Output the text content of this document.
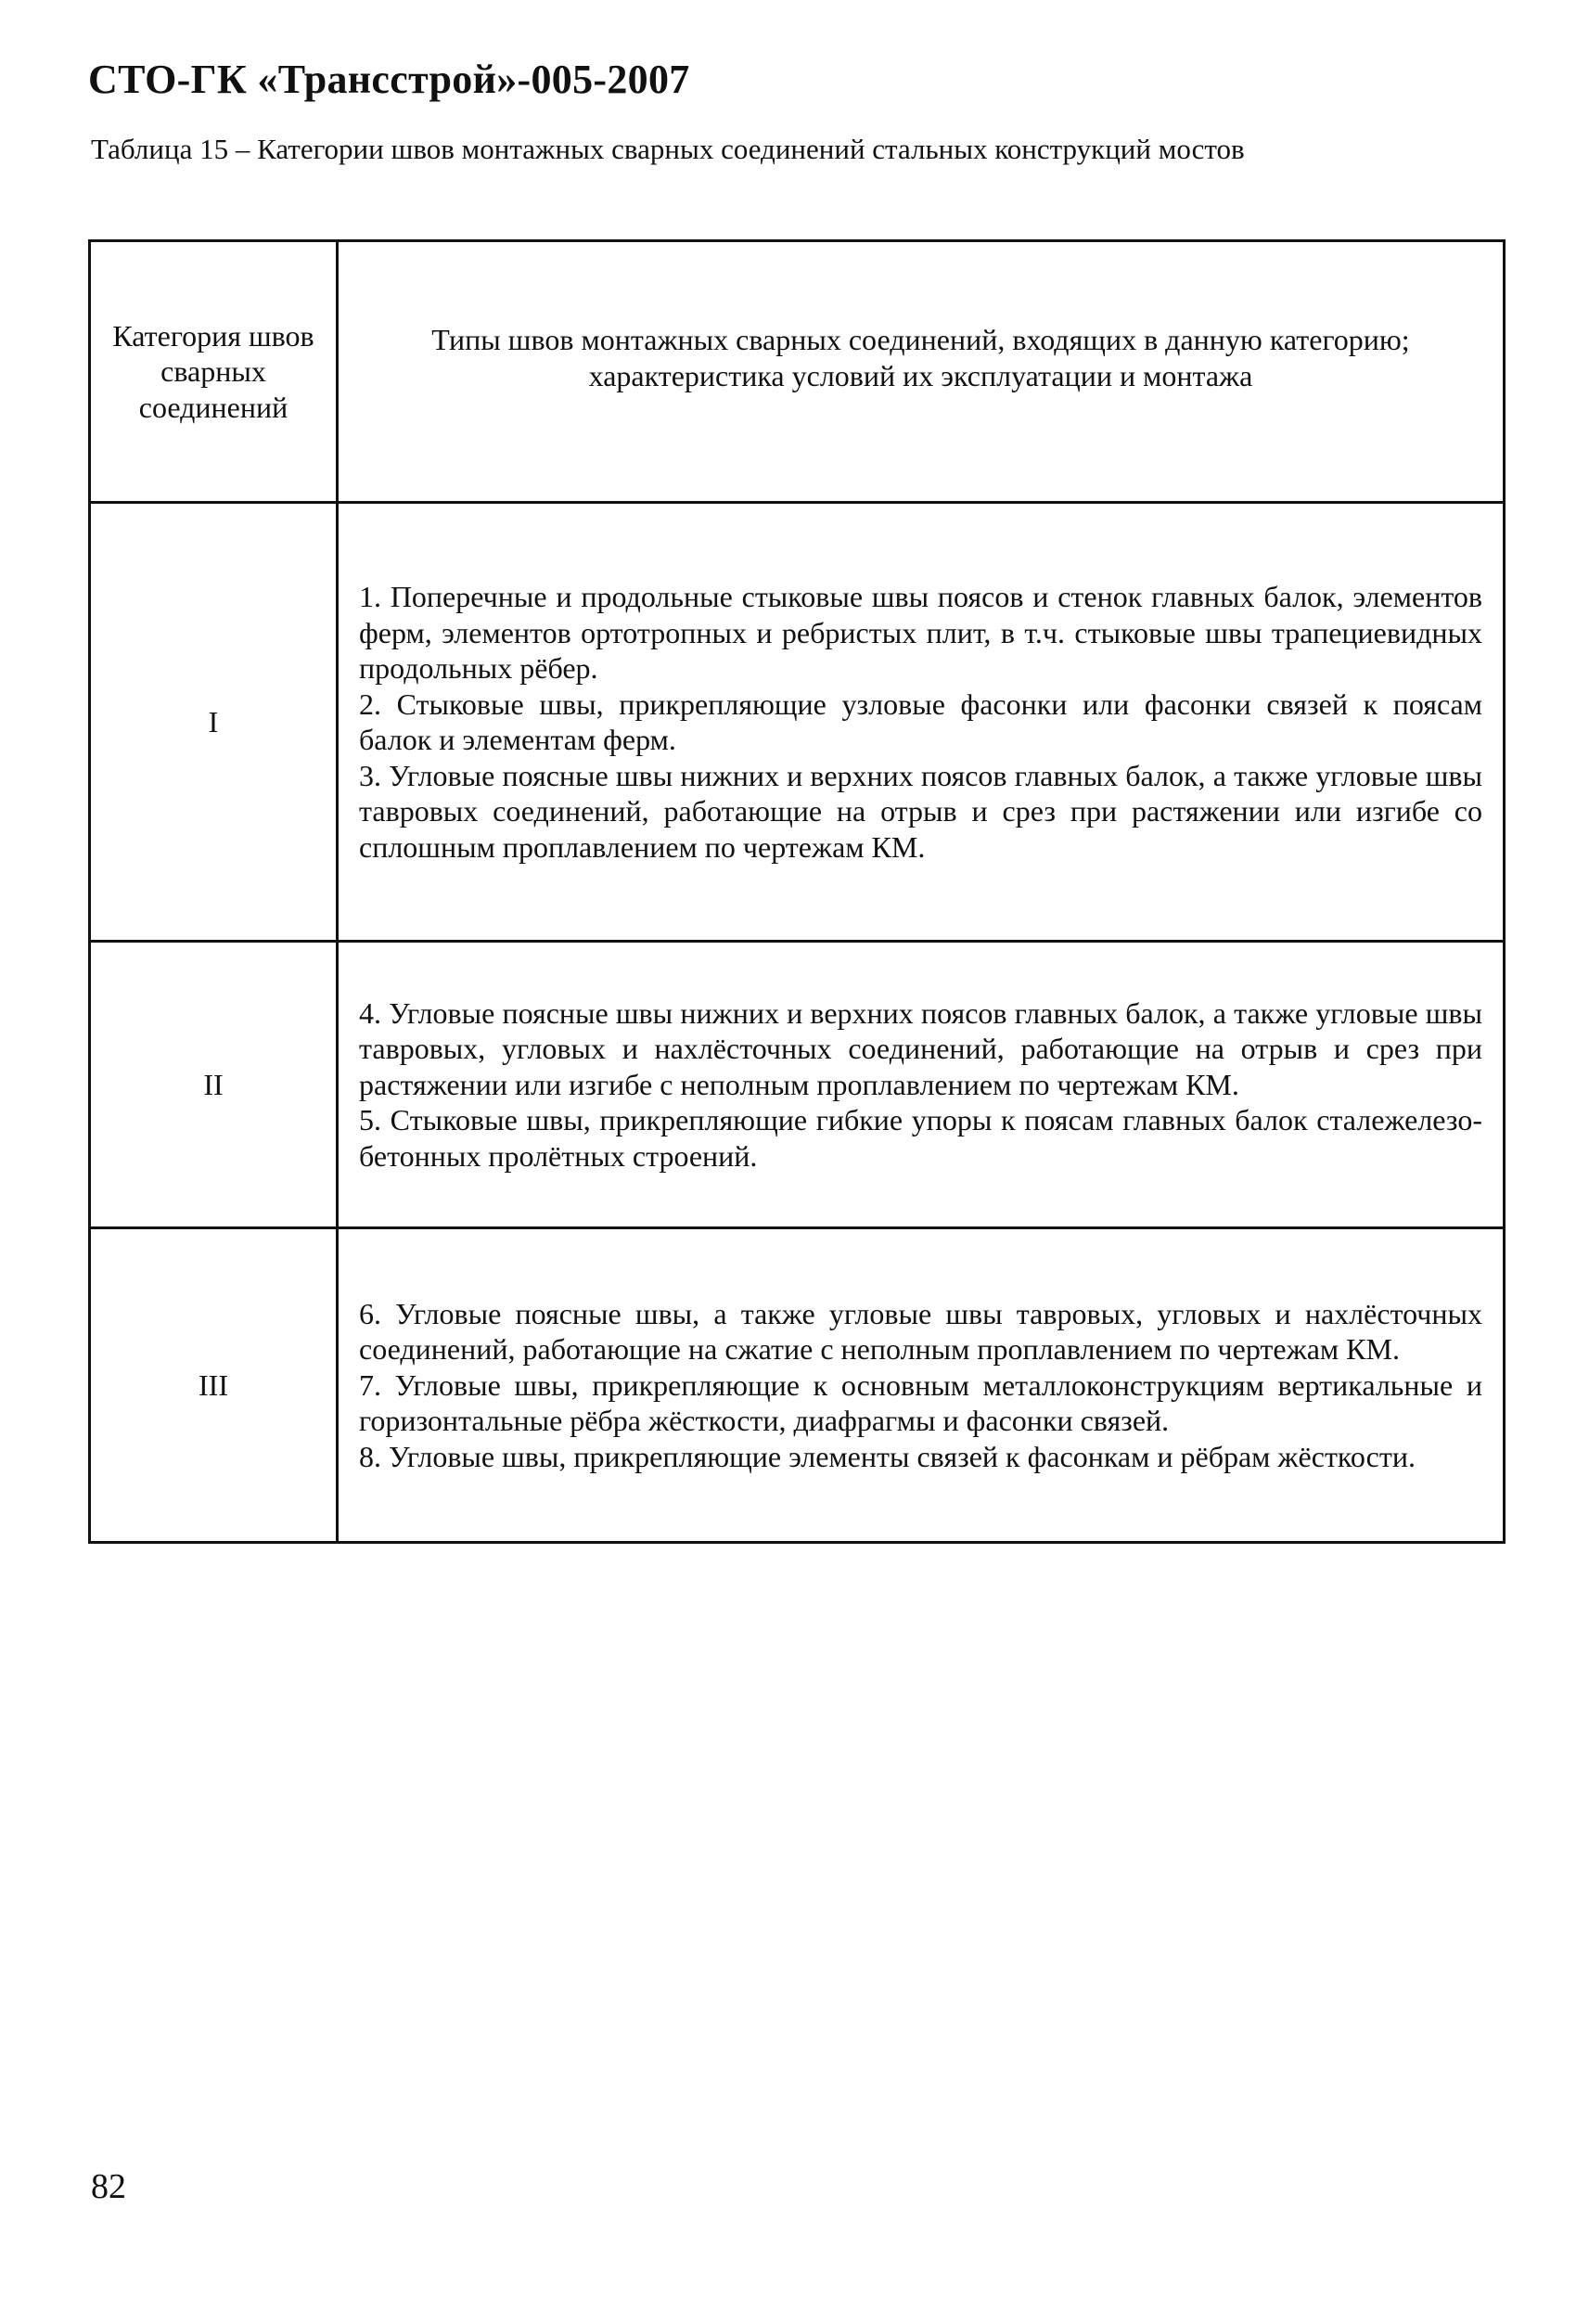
СТО-ГК «Трансстрой»-005-2007
Таблица 15 – Категории швов монтажных сварных соединений стальных конструкций мостов
Категория швов сварных соединений	Типы швов монтажных сварных соединений, входящих в данную категорию; характеристика условий их эксплуатации и монтажа
I	1. Поперечные и продольные стыковые швы поясов и стенок главных балок, элементов ферм, элементов ортотропных и ребристых плит, в т.ч. стыковые швы трапециевидных продольных рёбер.
2. Стыковые швы, прикрепляющие узловые фасонки или фасонки связей к поясам балок и элементам ферм.
3. Угловые поясные швы нижних и верхних поясов главных балок, а также угловые швы тавровых соединений, работающие на отрыв и срез при растяжении или изгибе со сплошным проплавлением по чертежам КМ.

II	4. Угловые поясные швы нижних и верхних поясов главных балок, а также угловые швы тавровых, угловых и нахлёсточных соединений, работающие на отрыв и срез при растяжении или изгибе с неполным проплавлением по чертежам КМ.
5. Стыковые швы, прикрепляющие гибкие упоры к поясам главных балок сталежелезо-бетонных пролётных строений.

III	6. Угловые поясные швы, а также угловые швы тавровых, угловых и нахлёсточных соединений, работающие на сжатие с неполным проплавлением по чертежам КМ.
7. Угловые швы, прикрепляющие к основным металлоконструкциям вертикальные и горизонтальные рёбра жёсткости, диафрагмы и фасонки связей.
8. Угловые швы, прикрепляющие элементы связей к фасонкам и рёбрам жёсткости.
82
